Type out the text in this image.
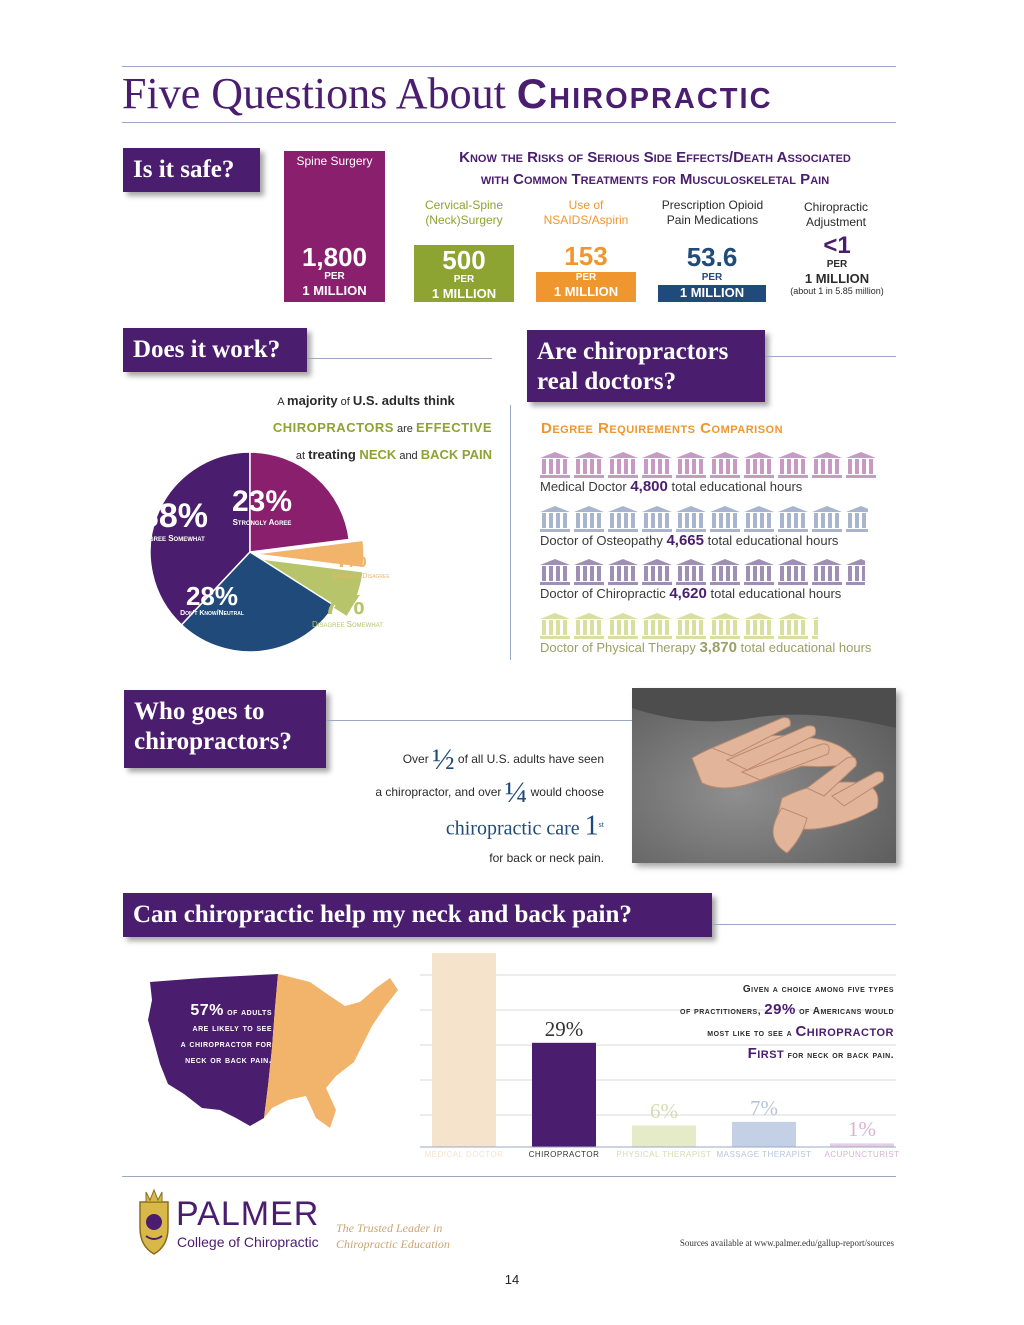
Five Questions About Chiropractic
Is it safe?	Know the Risks of Serious Side Effects/Death Associated
with Common Treatments for Musculoskeletal Pain
Spine Surgery
1,800
PER
1 MILLION
Cervical-Spine
(Neck)Surgery
500
PER
1 MILLION
Use of
NSAIDS/Aspirin
153
PER
1 MILLION
Prescription Opioid
Pain Medications
53.6
PER
1 MILLION
Chiropractic
Adjustment
<1
PER
1 MILLION
(about 1 in 5.85 million)
Does it work?
A majority of U.S. adults think
CHIROPRACTORS are EFFECTIVE
at treating NECK and BACK PAIN
38%
Agree Somewhat
23%
Strongly Agree
28%
Don't Know/Neutral
4%
Strongly Disagree
7%
Disagree Somewhat
Are chiropractors
real doctors?
Degree Requirements Comparison
Medical Doctor 4,800 total educational hours
Doctor of Osteopathy 4,665 total educational hours
Doctor of Chiropractic 4,620 total educational hours
Doctor of Physical Therapy 3,870 total educational hours
Who goes to
chiropractors?
Over ½ of all U.S. adults have seen
a chiropractor, and over ¼ would choose
chiropractic care 1st
for back or neck pain.
Can chiropractic help my neck and back pain?
57% of adults
are likely to see
a chiropractor for
neck or back pain.
54%
MEDICAL DOCTOR
29%
CHIROPRACTOR
6%
PHYSICAL THERAPIST
7%
MASSAGE THERAPIST
1%
ACUPUNCTURIST
Given a choice among five types
of practitioners, 29% of Americans would
most like to see a Chiropractor
First for neck or back pain.
PALMER
College of Chiropractic
The Trusted Leader in
Chiropractic Education	Sources available at www.palmer.edu/gallup-report/sources
14
